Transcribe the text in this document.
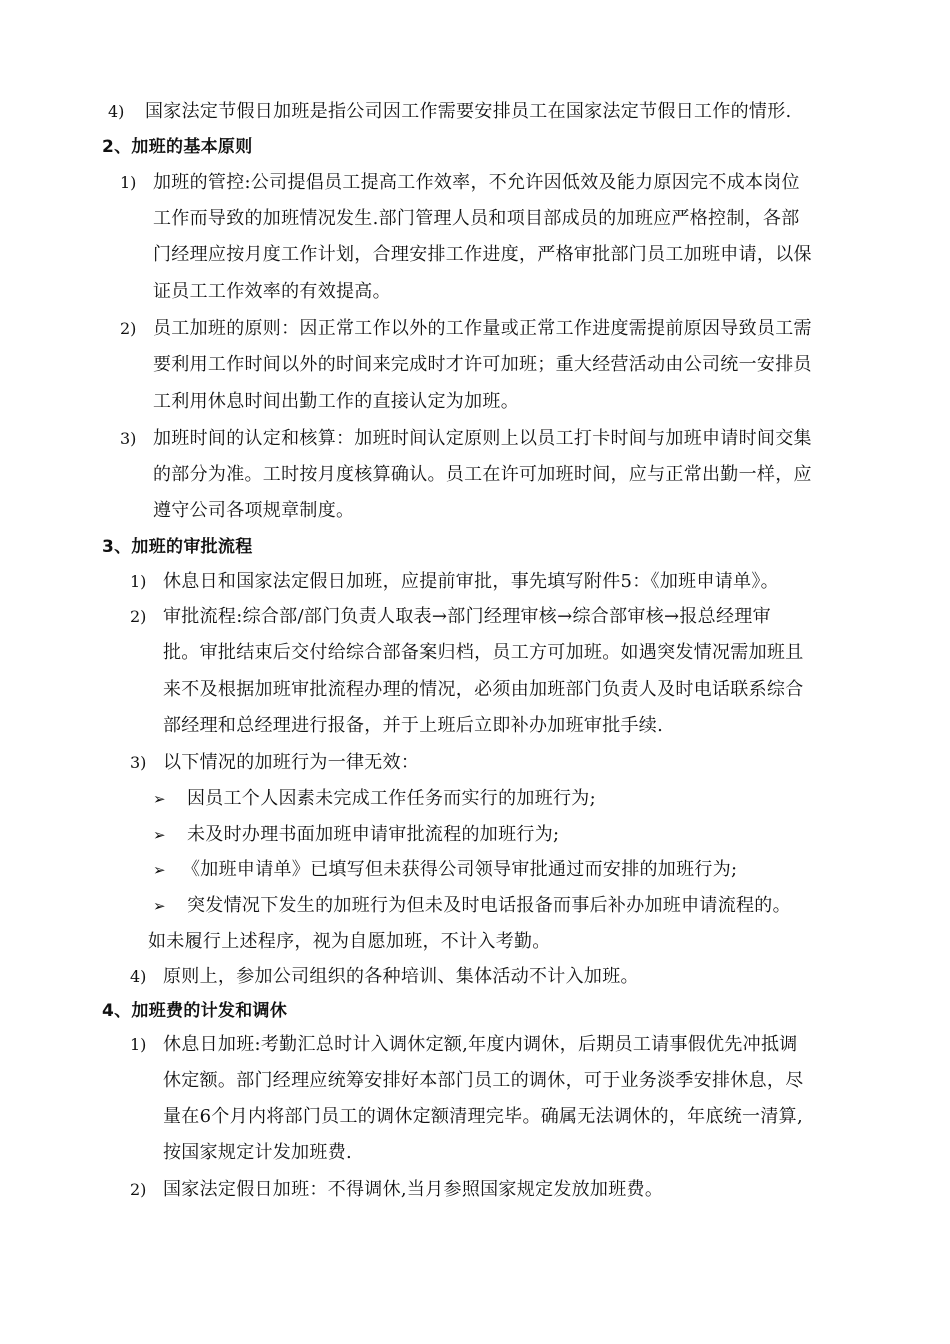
4) 国家法定节假日加班是指公司因工作需要安排员工在国家法定节假日工作的情形.
2、加班的基本原则
1) 加班的管控:公司提倡员工提高工作效率，不允许因低效及能力原因完不成本岗位
工作而导致的加班情况发生.部门管理人员和项目部成员的加班应严格控制，各部
门经理应按月度工作计划，合理安排工作进度，严格审批部门员工加班申请，以保
证员工工作效率的有效提高。
2) 员工加班的原则：因正常工作以外的工作量或正常工作进度需提前原因导致员工需
要利用工作时间以外的时间来完成时才许可加班；重大经营活动由公司统一安排员
工利用休息时间出勤工作的直接认定为加班。
3) 加班时间的认定和核算：加班时间认定原则上以员工打卡时间与加班申请时间交集
的部分为准。工时按月度核算确认。员工在许可加班时间，应与正常出勤一样，应
遵守公司各项规章制度。
3、加班的审批流程
1) 休息日和国家法定假日加班，应提前审批，事先填写附件5：《加班申请单》。
2) 审批流程:综合部/部门负责人取表→部门经理审核→综合部审核→报总经理审
批。审批结束后交付给综合部备案归档，员工方可加班。如遇突发情况需加班且
来不及根据加班审批流程办理的情况，必须由加班部门负责人及时电话联系综合
部经理和总经理进行报备，并于上班后立即补办加班审批手续.
3) 以下情况的加班行为一律无效：
➢ 因员工个人因素未完成工作任务而实行的加班行为;
➢ 未及时办理书面加班申请审批流程的加班行为;
➢ 《加班申请单》已填写但未获得公司领导审批通过而安排的加班行为;
➢ 突发情况下发生的加班行为但未及时电话报备而事后补办加班申请流程的。
如未履行上述程序，视为自愿加班，不计入考勤。
4) 原则上，参加公司组织的各种培训、集体活动不计入加班。
4、加班费的计发和调休
1) 休息日加班:考勤汇总时计入调休定额,年度内调休，后期员工请事假优先冲抵调
休定额。部门经理应统筹安排好本部门员工的调休，可于业务淡季安排休息，尽
量在6个月内将部门员工的调休定额清理完毕。确属无法调休的，年底统一清算,
按国家规定计发加班费.
2) 国家法定假日加班：不得调休,当月参照国家规定发放加班费。
